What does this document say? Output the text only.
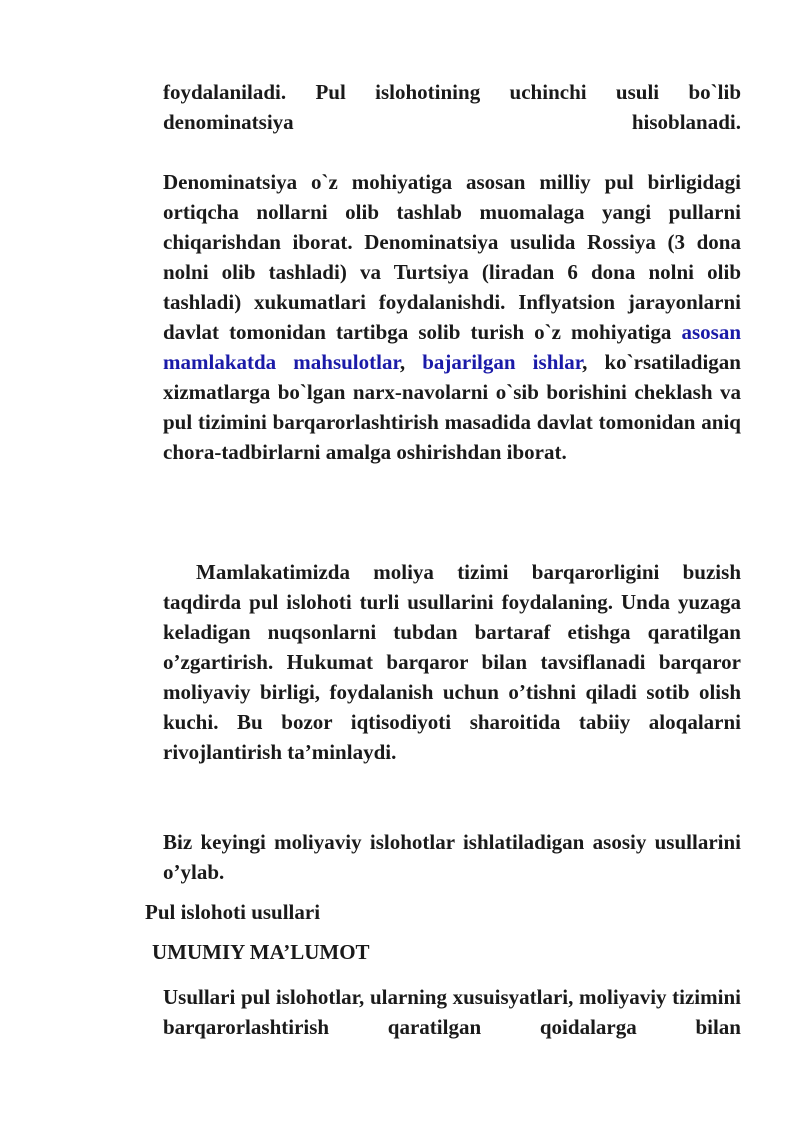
foydalaniladi. Pul islohotining uchinchi usuli bo`lib denominatsiya hisoblanadi.

Denominatsiya o`z mohiyatiga asosan milliy pul birligidagi ortiqcha nollarni olib tashlab muomalaga yangi pullarni chiqarishdan iborat. Denominatsiya usulida Rossiya (3 dona nolni olib tashladi) va Turtsiya (liradan 6 dona nolni olib tashladi) xukumatlari foydalanishdi. Inflyatsion jarayonlarni davlat tomonidan tartibga solib turish o`z mohiyatiga asosan mamlakatda mahsulotlar, bajarilgan ishlar, ko`rsatiladigan xizmatlarga bo`lgan narx-navolarni o`sib borishini cheklash va pul tizimini barqarorlashtirish masadida davlat tomonidan aniq chora-tadbirlarni amalga oshirishdan iborat.

Mamlakatimizda moliya tizimi barqarorligini buzish taqdirda pul islohoti turli usullarini foydalaning. Unda yuzaga keladigan nuqsonlarni tubdan bartaraf etishga qaratilgan o’zgartirish. Hukumat barqaror bilan tavsiflanadi barqaror moliyaviy birligi, foydalanish uchun o’tishni qiladi sotib olish kuchi. Bu bozor iqtisodiyoti sharoitida tabiiy aloqalarni rivojlantirish ta’minlaydi.

Biz keyingi moliyaviy islohotlar ishlatiladigan asosiy usullarini o’ylab.

Pul islohoti usullari

UMUMIY MA’LUMOT

Usullari pul islohotlar, ularning xusuisyatlari, moliyaviy tizimini barqarorlashtirish qaratilgan qoidalarga bilan
